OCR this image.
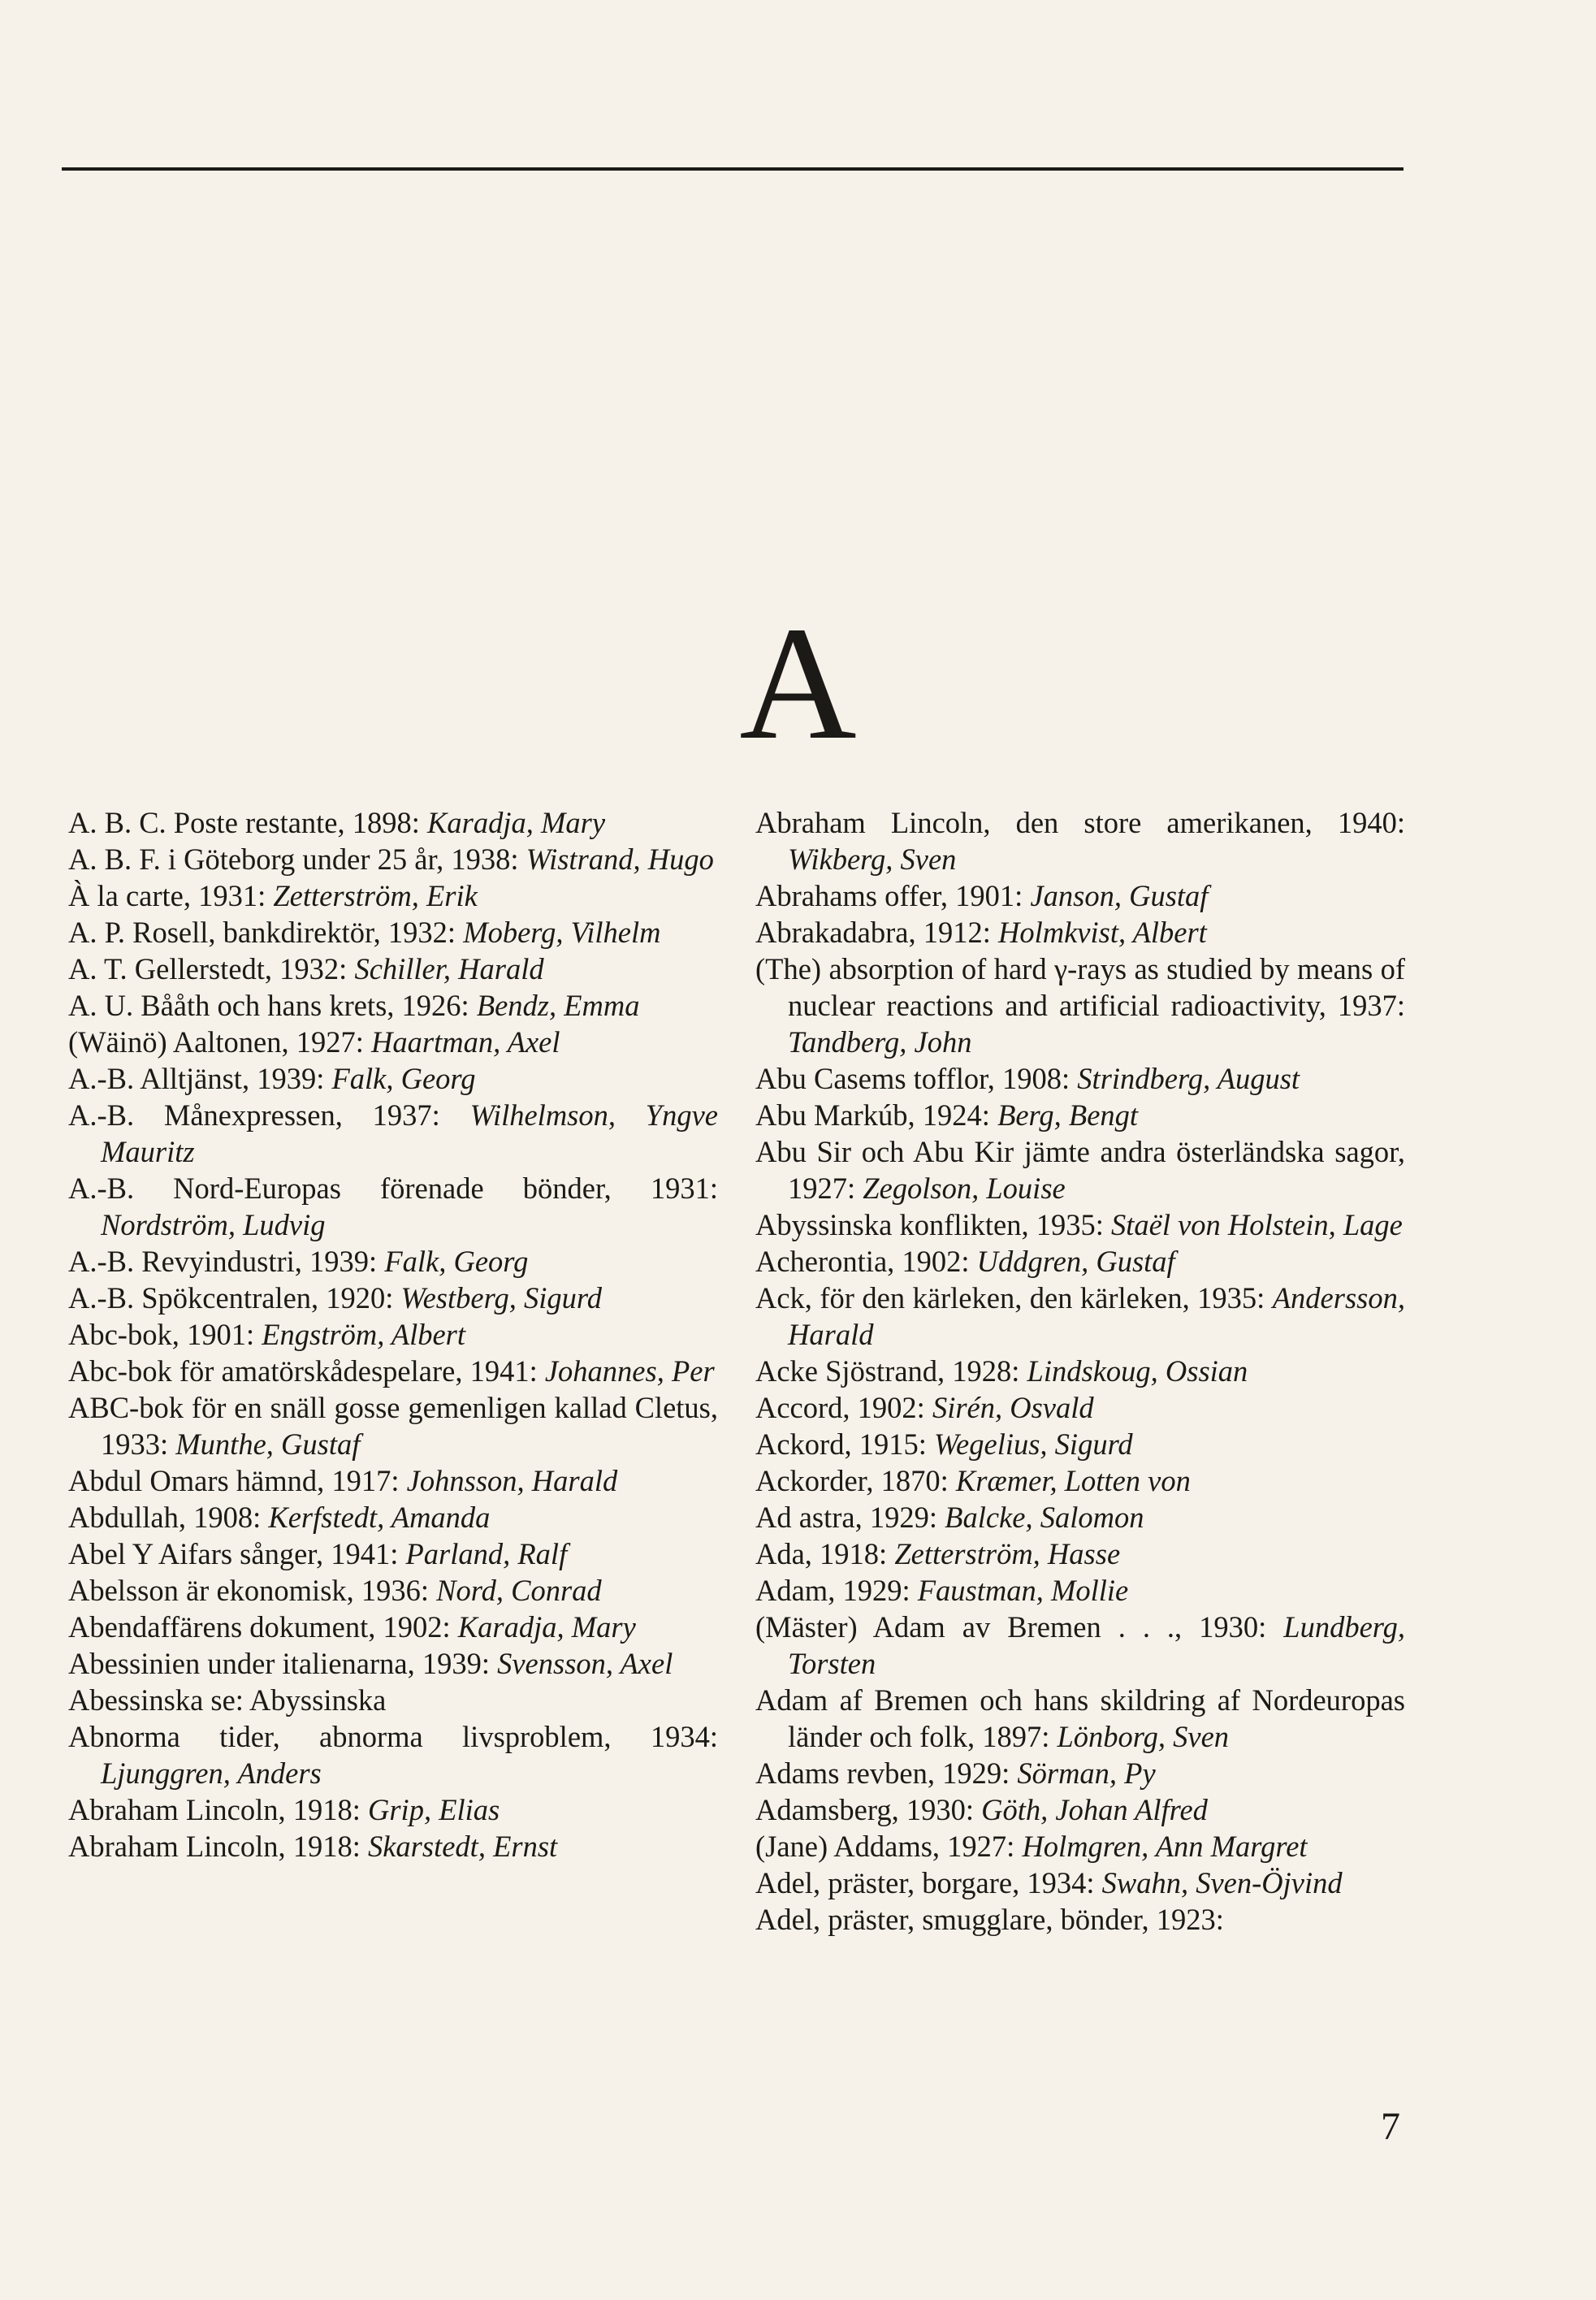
A

A. B. C. Poste restante, 1898: Karadja, Mary

A. B. F. i Göteborg under 25 år, 1938: Wistrand, Hugo

À la carte, 1931: Zetterström, Erik

A. P. Rosell, bankdirektör, 1932: Moberg, Vilhelm

A. T. Gellerstedt, 1932: Schiller, Harald

A. U. Bååth och hans krets, 1926: Bendz, Emma

(Wäinö) Aaltonen, 1927: Haartman, Axel

A.-B. Alltjänst, 1939: Falk, Georg

A.-B. Månexpressen, 1937: Wilhelmson, Yngve Mauritz

A.-B. Nord-Europas förenade bönder, 1931: Nordström, Ludvig

A.-B. Revyindustri, 1939: Falk, Georg

A.-B. Spökcentralen, 1920: Westberg, Sigurd

Abc-bok, 1901: Engström, Albert

Abc-bok för amatörskådespelare, 1941: Johannes, Per

ABC-bok för en snäll gosse gemenligen kallad Cletus, 1933: Munthe, Gustaf

Abdul Omars hämnd, 1917: Johnsson, Harald

Abdullah, 1908: Kerfstedt, Amanda

Abel Y Aifars sånger, 1941: Parland, Ralf

Abelsson är ekonomisk, 1936: Nord, Conrad

Abendaffärens dokument, 1902: Karadja, Mary

Abessinien under italienarna, 1939: Svensson, Axel

Abessinska se: Abyssinska

Abnorma tider, abnorma livsproblem, 1934: Ljunggren, Anders

Abraham Lincoln, 1918: Grip, Elias

Abraham Lincoln, 1918: Skarstedt, Ernst

Abraham Lincoln, den store amerikanen, 1940: Wikberg, Sven

Abrahams offer, 1901: Janson, Gustaf

Abrakadabra, 1912: Holmkvist, Albert

(The) absorption of hard γ-rays as studied by means of nuclear reactions and artificial radioactivity, 1937: Tandberg, John

Abu Casems tofflor, 1908: Strindberg, August

Abu Markúb, 1924: Berg, Bengt

Abu Sir och Abu Kir jämte andra österländska sagor, 1927: Zegolson, Louise

Abyssinska konflikten, 1935: Staël von Holstein, Lage

Acherontia, 1902: Uddgren, Gustaf

Ack, för den kärleken, den kärleken, 1935: Andersson, Harald

Acke Sjöstrand, 1928: Lindskoug, Ossian

Accord, 1902: Sirén, Osvald

Ackord, 1915: Wegelius, Sigurd

Ackorder, 1870: Kræmer, Lotten von

Ad astra, 1929: Balcke, Salomon

Ada, 1918: Zetterström, Hasse

Adam, 1929: Faustman, Mollie

(Mäster) Adam av Bremen . . ., 1930: Lundberg, Torsten

Adam af Bremen och hans skildring af Nordeuropas länder och folk, 1897: Lönborg, Sven

Adams revben, 1929: Sörman, Py

Adamsberg, 1930: Göth, Johan Alfred

(Jane) Addams, 1927: Holmgren, Ann Margret

Adel, präster, borgare, 1934: Swahn, Sven-Öjvind

Adel, präster, smugglare, bönder, 1923:

7
